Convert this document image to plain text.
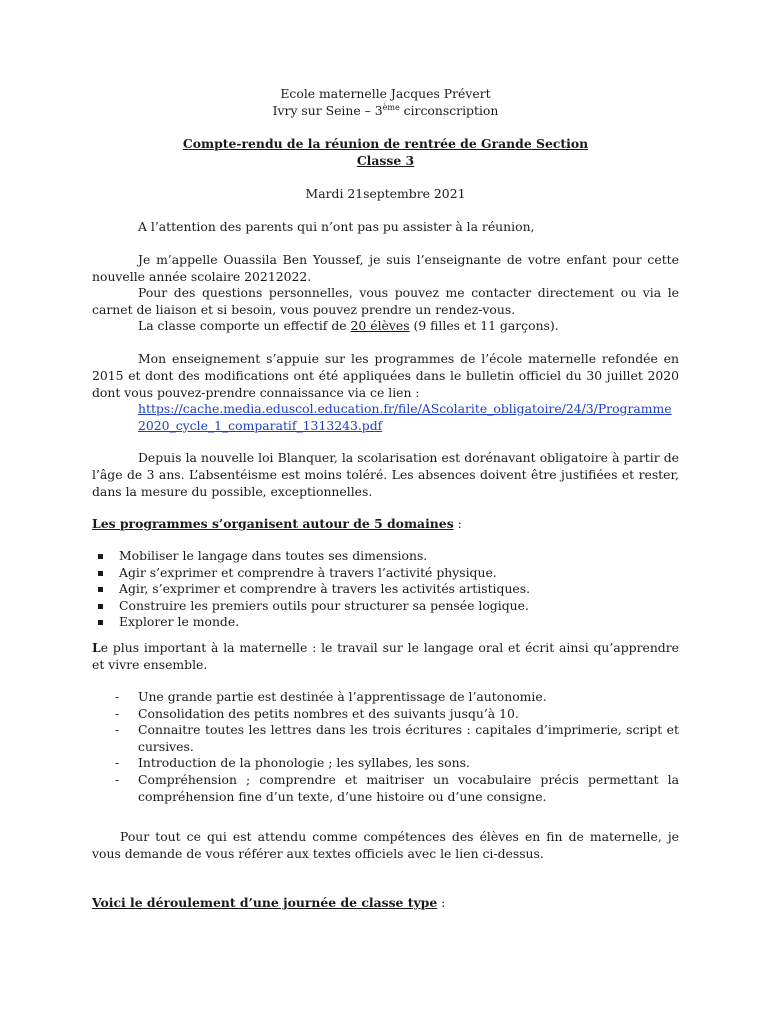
Ecole maternelle Jacques Prévert
Ivry sur Seine – 3ème circonscription
Compte-rendu de la réunion de rentrée de Grande Section
Classe 3
Mardi 21septembre 2021
A l’attention des parents qui n’ont pas pu assister à la réunion,
Je m’appelle Ouassila Ben Youssef, je suis l’enseignante de votre enfant pour cette nouvelle année scolaire 20212022.
Pour des questions personnelles, vous pouvez me contacter directement ou via le carnet de liaison et si besoin, vous pouvez prendre un rendez-vous.
La classe comporte un effectif de 20 élèves (9 filles et 11 garçons).
Mon enseignement s’appuie sur les programmes de l’école maternelle refondée en 2015 et dont des modifications ont été appliquées dans le bulletin officiel du 30 juillet 2020 dont vous pouvez-prendre connaissance via ce lien :
https://cache.media.eduscol.education.fr/file/AScolarite_obligatoire/24/3/Programme2020_cycle_1_comparatif_1313243.pdf
Depuis la nouvelle loi Blanquer, la scolarisation est dorénavant obligatoire à partir de l’âge de 3 ans. L’absentéisme est moins toléré. Les absences doivent être justifiées et rester, dans la mesure du possible, exceptionnelles.
Les programmes s’organisent autour de 5 domaines :
Mobiliser le langage dans toutes ses dimensions.
Agir s’exprimer et comprendre à travers l’activité physique.
Agir, s’exprimer et comprendre à travers les activités artistiques.
Construire les premiers outils pour structurer sa pensée logique.
Explorer le monde.
Le plus important à la maternelle : le travail sur le langage oral et écrit ainsi qu’apprendre et vivre ensemble.
- Une grande partie est destinée à l’apprentissage de l’autonomie.
- Consolidation des petits nombres et des suivants jusqu’à 10.
- Connaitre toutes les lettres dans les trois écritures : capitales d’imprimerie, script et cursives.
- Introduction de la phonologie ; les syllabes, les sons.
- Compréhension ; comprendre et maitriser un vocabulaire précis permettant la compréhension fine d’un texte, d’une histoire ou d’une consigne.
Pour tout ce qui est attendu comme compétences des élèves en fin de maternelle, je vous demande de vous référer aux textes officiels avec le lien ci-dessus.
Voici le déroulement d’une journée de classe type :
